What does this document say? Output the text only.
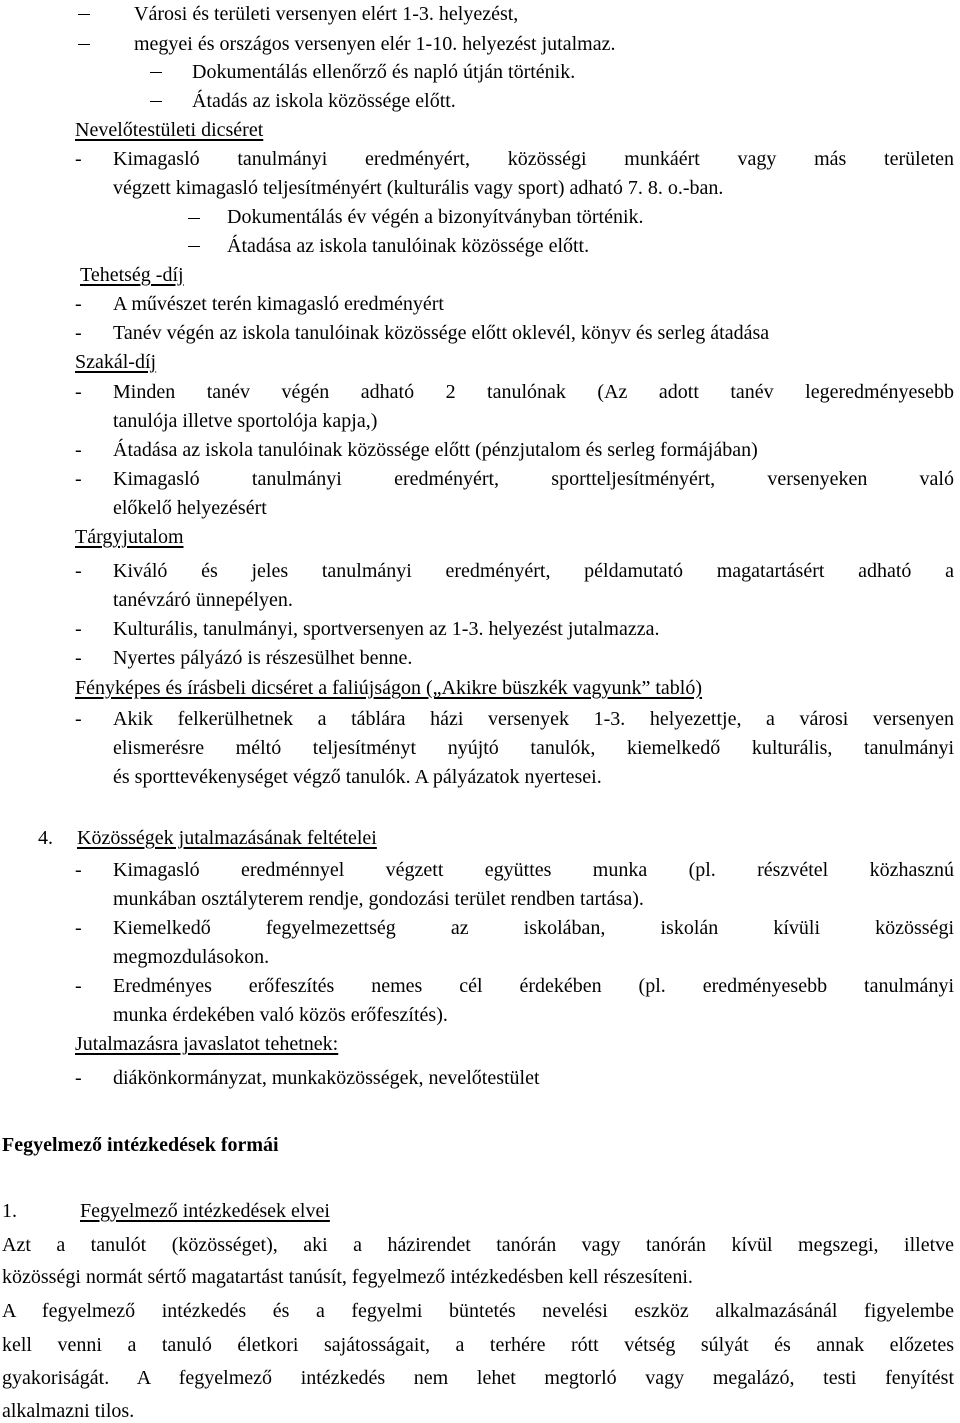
Városi és területi versenyen elért 1-3. helyezést,
megyei és országos versenyen elér 1-10. helyezést jutalmaz.
Dokumentálás ellenőrző és napló útján történik.
Átadás az iskola közössége előtt.
Nevelőtestületi dicséret
- Kimagasló tanulmányi eredményért, közösségi munkáért vagy más területen
végzett kimagasló teljesítményért (kulturális vagy sport) adható 7. 8. o.-ban.
Dokumentálás év végén a bizonyítványban történik.
Átadása az iskola tanulóinak közössége előtt.
Tehetség -díj
- A művészet terén kimagasló eredményért
- Tanév végén az iskola tanulóinak közössége előtt oklevél, könyv és serleg átadása
Szakál-díj
- Minden tanév végén adható 2 tanulónak (Az adott tanév legeredményesebb
tanulója illetve sportolója kapja,)
- Átadása az iskola tanulóinak közössége előtt (pénzjutalom és serleg formájában)
- Kimagasló tanulmányi eredményért, sportteljesítményért, versenyeken való
előkelő helyezésért
Tárgyjutalom
- Kiváló és jeles tanulmányi eredményért, példamutató magatartásért adható a
tanévzáró ünnepélyen.
- Kulturális, tanulmányi, sportversenyen az 1-3. helyezést jutalmazza.
- Nyertes pályázó is részesülhet benne.
Fényképes és írásbeli dicséret a faliújságon („Akikre büszkék vagyunk” tabló)
- Akik felkerülhetnek a táblára házi versenyek 1-3. helyezettje, a városi versenyen
elismerésre méltó teljesítményt nyújtó tanulók, kiemelkedő kulturális, tanulmányi
és sporttevékenységet végző tanulók. A pályázatok nyertesei.
4. Közösségek jutalmazásának feltételei
- Kimagasló eredménnyel végzett együttes munka (pl. részvétel közhasznú
munkában osztályterem rendje, gondozási terület rendben tartása).
- Kiemelkedő fegyelmezettség az iskolában, iskolán kívüli közösségi
megmozdulásokon.
- Eredményes erőfeszítés nemes cél érdekében (pl. eredményesebb tanulmányi
munka érdekében való közös erőfeszítés).
Jutalmazásra javaslatot tehetnek:
- diákönkormányzat, munkaközösségek, nevelőtestület
Fegyelmező intézkedések formái
1.	Fegyelmező intézkedések elvei
Azt a tanulót (közösséget), aki a házirendet tanórán vagy tanórán kívül megszegi, illetve
közösségi normát sértő magatartást tanúsít, fegyelmező intézkedésben kell részesíteni.
A fegyelmező intézkedés és a fegyelmi büntetés nevelési eszköz alkalmazásánál figyelembe
kell venni a tanuló életkori sajátosságait, a terhére rótt vétség súlyát és annak előzetes
gyakoriságát. A fegyelmező intézkedés nem lehet megtorló vagy megalázó, testi fenyítést
alkalmazni tilos.
